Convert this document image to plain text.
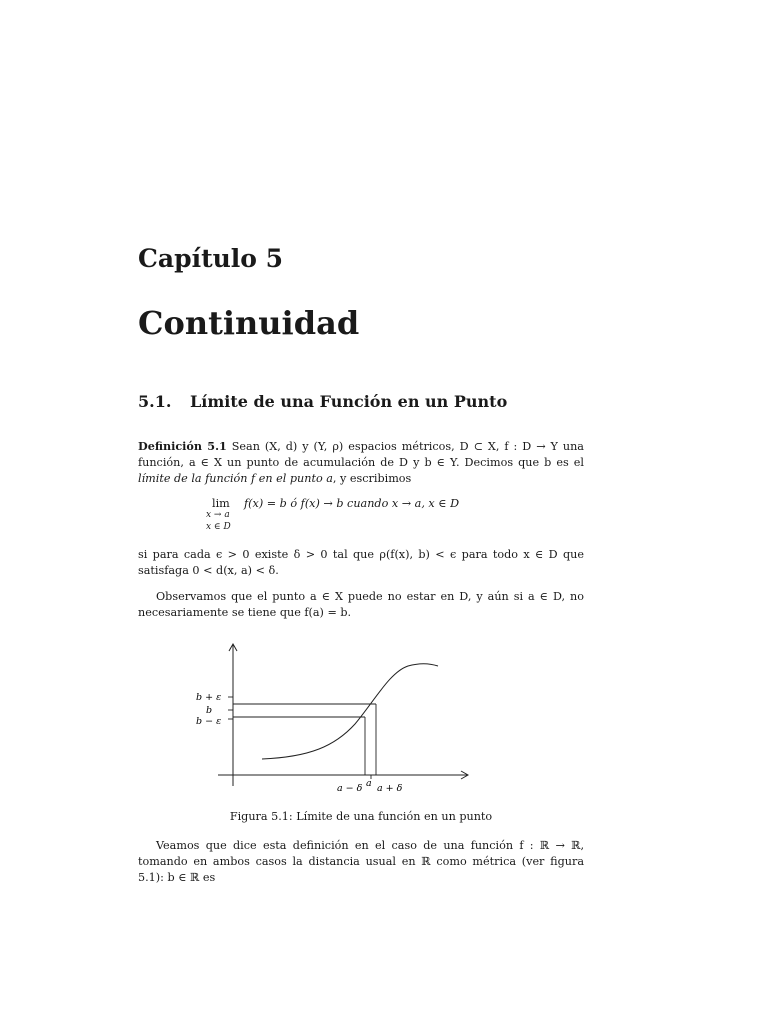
Capítulo 5
Continuidad
5.1. Límite de una Función en un Punto

Definición 5.1 Sean (X, d) y (Y, ρ) espacios métricos, D ⊂ X, f : D → Y una función, a ∈ X un punto de acumulación de D y b ∈ Y. Decimos que b es el límite de la función f en el punto a, y escribimos

lim
x → a
x ∈ D
f(x) = b ó f(x) → b cuando x → a, x ∈ D

si para cada ϵ > 0 existe δ > 0 tal que ρ(f(x), b) < ϵ para todo x ∈ D que satisfaga 0 < d(x, a) < δ.

Observamos que el punto a ∈ X puede no estar en D, y aún si a ∈ D, no necesariamente se tiene que f(a) = b.

b + ε
b
b − ε
a − δ a a + δ

Figura 5.1: Límite de una función en un punto

Veamos que dice esta definición en el caso de una función f : ℝ → ℝ, tomando en ambos casos la distancia usual en ℝ como métrica (ver figura 5.1): b ∈ ℝ es
